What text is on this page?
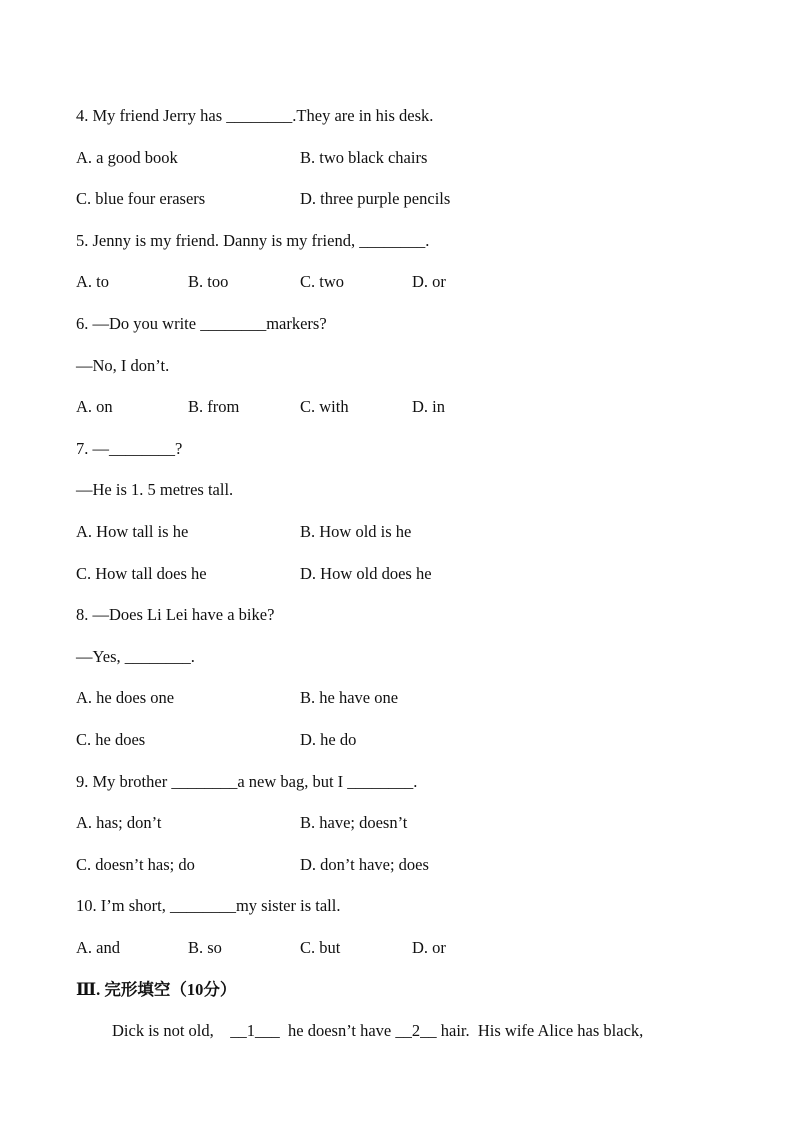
4. My friend Jerry has ________.They are in his desk.
A. a good book	B. two black chairs
C. blue four erasers	D. three purple pencils
5. Jenny is my friend. Danny is my friend, ________.
A. to	B. too	C. two	D. or
6. —Do you write ________markers?
—No, I don’t.
A. on	B. from	C. with	D. in
7. —________?
—He is 1. 5 metres tall.
A. How tall is he	B. How old is he
C. How tall does he	D. How old does he
8. —Does Li Lei have a bike?
—Yes, ________.
A. he does one	B. he have one
C. he does	D. he do
9. My brother ________a new bag, but I ________.
A. has; don’t	B. have; doesn’t
C. doesn’t has; do	D. don’t have; does
10. I’m short, ________my sister is tall.
A. and	B. so	C. but	D. or
Ⅲ. 完形填空（10分）
Dick is not old,    __1___  he doesn’t have __2__ hair.  His wife Alice has black,
